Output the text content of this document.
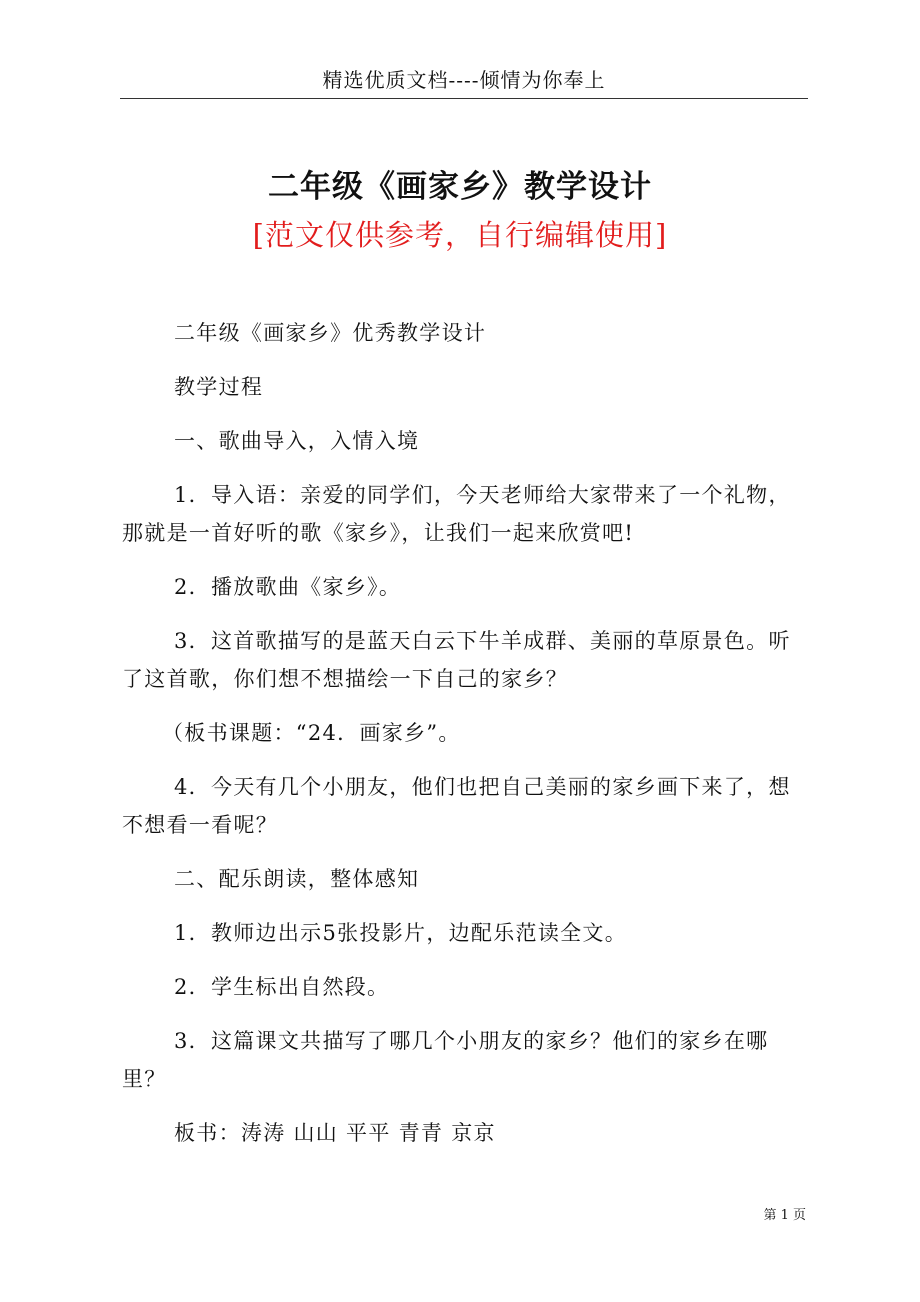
精选优质文档----倾情为你奉上
二年级《画家乡》教学设计
[范文仅供参考，自行编辑使用]

二年级《画家乡》优秀教学设计

教学过程

一、歌曲导入，入情入境

1．导入语：亲爱的同学们，今天老师给大家带来了一个礼物，那就是一首好听的歌《家乡》，让我们一起来欣赏吧!

2．播放歌曲《家乡》。

3．这首歌描写的是蓝天白云下牛羊成群、美丽的草原景色。听了这首歌，你们想不想描绘一下自己的家乡？

（板书课题：“24．画家乡”。

4．今天有几个小朋友，他们也把自己美丽的家乡画下来了，想不想看一看呢？

二、配乐朗读，整体感知

1．教师边出示5张投影片，边配乐范读全文。

2．学生标出自然段。

3．这篇课文共描写了哪几个小朋友的家乡？他们的家乡在哪里？

板书：涛涛 山山 平平 青青 京京

第 1 页
